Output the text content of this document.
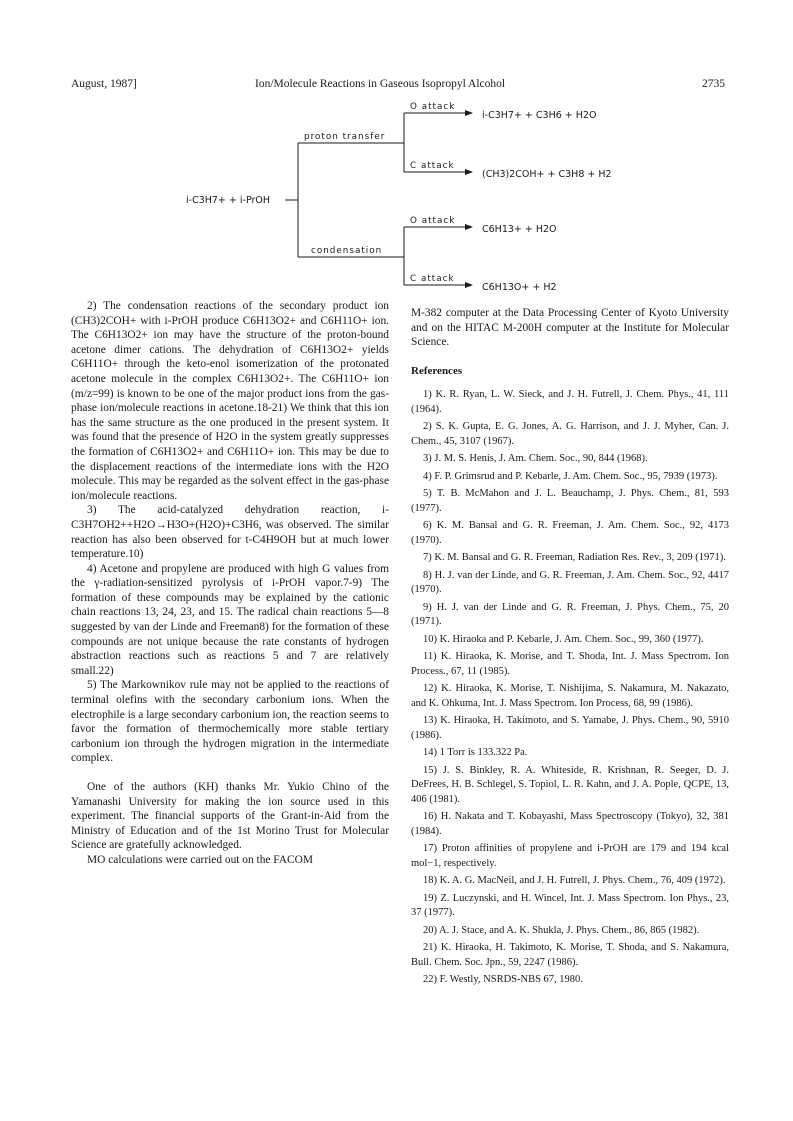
August, 1987]	Ion/Molecule Reactions in Gaseous Isopropyl Alcohol	2735
i-C3H7+ + i-PrOH
proton transfer
condensation
O attack
C attack
O attack
C attack
i-C3H7+ + C3H6 + H2O
(CH3)2COH+ + C3H8 + H2
C6H13+ + H2O
C6H13O+ + H2

2) The condensation reactions of the secondary product ion (CH3)2COH+ with i-PrOH produce C6H13O2+ and C6H11O+ ion. The C6H13O2+ ion may have the structure of the proton-bound acetone dimer cations. The dehydration of C6H13O2+ yields C6H11O+ through the keto-enol isomerization of the protonated acetone molecule in the complex C6H13O2+. The C6H11O+ ion (m/z=99) is known to be one of the major product ions from the gas-phase ion/molecule reactions in acetone.18-21) We think that this ion has the same structure as the one produced in the present system. It was found that the presence of H2O in the system greatly suppresses the formation of C6H13O2+ and C6H11O+ ion. This may be due to the displacement reactions of the intermediate ions with the H2O molecule. This may be regarded as the solvent effect in the gas-phase ion/molecule reactions.

3) The acid-catalyzed dehydration reaction, i-C3H7OH2++H2O→H3O+(H2O)+C3H6, was observed. The similar reaction has also been observed for t-C4H9OH but at much lower temperature.10)

4) Acetone and propylene are produced with high G values from the γ-radiation-sensitized pyrolysis of i-PrOH vapor.7-9) The formation of these compounds may be explained by the cationic chain reactions 13, 24, 23, and 15. The radical chain reactions 5—8 suggested by van der Linde and Freeman8) for the formation of these compounds are not unique because the rate constants of hydrogen abstraction reactions such as reactions 5 and 7 are relatively small.22)

5) The Markownikov rule may not be applied to the reactions of terminal olefins with the secondary carbonium ions. When the electrophile is a large secondary carbonium ion, the reaction seems to favor the formation of thermochemically more stable tertiary carbonium ion through the hydrogen migration in the intermediate complex.

One of the authors (KH) thanks Mr. Yukio Chino of the Yamanashi University for making the ion source used in this experiment. The financial supports of the Grant-in-Aid from the Ministry of Education and of the 1st Morino Trust for Molecular Science are gratefully acknowledged.

MO calculations were carried out on the FACOM

M-382 computer at the Data Processing Center of Kyoto University and on the HITAC M-200H computer at the Institute for Molecular Science.

References
1) K. R. Ryan, L. W. Sieck, and J. H. Futrell, J. Chem. Phys., 41, 111 (1964).
2) S. K. Gupta, E. G. Jones, A. G. Harrison, and J. J. Myher, Can. J. Chem., 45, 3107 (1967).
3) J. M. S. Henis, J. Am. Chem. Soc., 90, 844 (1968).
4) F. P. Grimsrud and P. Kebarle, J. Am. Chem. Soc., 95, 7939 (1973).
5) T. B. McMahon and J. L. Beauchamp, J. Phys. Chem., 81, 593 (1977).
6) K. M. Bansal and G. R. Freeman, J. Am. Chem. Soc., 92, 4173 (1970).
7) K. M. Bansal and G. R. Freeman, Radiation Res. Rev., 3, 209 (1971).
8) H. J. van der Linde, and G. R. Freeman, J. Am. Chem. Soc., 92, 4417 (1970).
9) H. J. van der Linde and G. R. Freeman, J. Phys. Chem., 75, 20 (1971).
10) K. Hiraoka and P. Kebarle, J. Am. Chem. Soc., 99, 360 (1977).
11) K. Hiraoka, K. Morise, and T. Shoda, Int. J. Mass Spectrom. Ion Process., 67, 11 (1985).
12) K. Hiraoka, K. Morise, T. Nishijima, S. Nakamura, M. Nakazato, and K. Ohkuma, Int. J. Mass Spectrom. Ion Process, 68, 99 (1986).
13) K. Hiraoka, H. Takimoto, and S. Yamabe, J. Phys. Chem., 90, 5910 (1986).
14) 1 Torr is 133.322 Pa.
15) J. S. Binkley, R. A. Whiteside, R. Krishnan, R. Seeger, D. J. DeFrees, H. B. Schlegel, S. Topiol, L. R. Kahn, and J. A. Pople, QCPE, 13, 406 (1981).
16) H. Nakata and T. Kobayashi, Mass Spectroscopy (Tokyo), 32, 381 (1984).
17) Proton affinities of propylene and i-PrOH are 179 and 194 kcal mol−1, respectively.
18) K. A. G. MacNeil, and J. H. Futrell, J. Phys. Chem., 76, 409 (1972).
19) Z. Luczynski, and H. Wincel, Int. J. Mass Spectrom. Ion Phys., 23, 37 (1977).
20) A. J. Stace, and A. K. Shukla, J. Phys. Chem., 86, 865 (1982).
21) K. Hiraoka, H. Takimoto, K. Morise, T. Shoda, and S. Nakamura, Bull. Chem. Soc. Jpn., 59, 2247 (1986).
22) F. Westly, NSRDS-NBS 67, 1980.
